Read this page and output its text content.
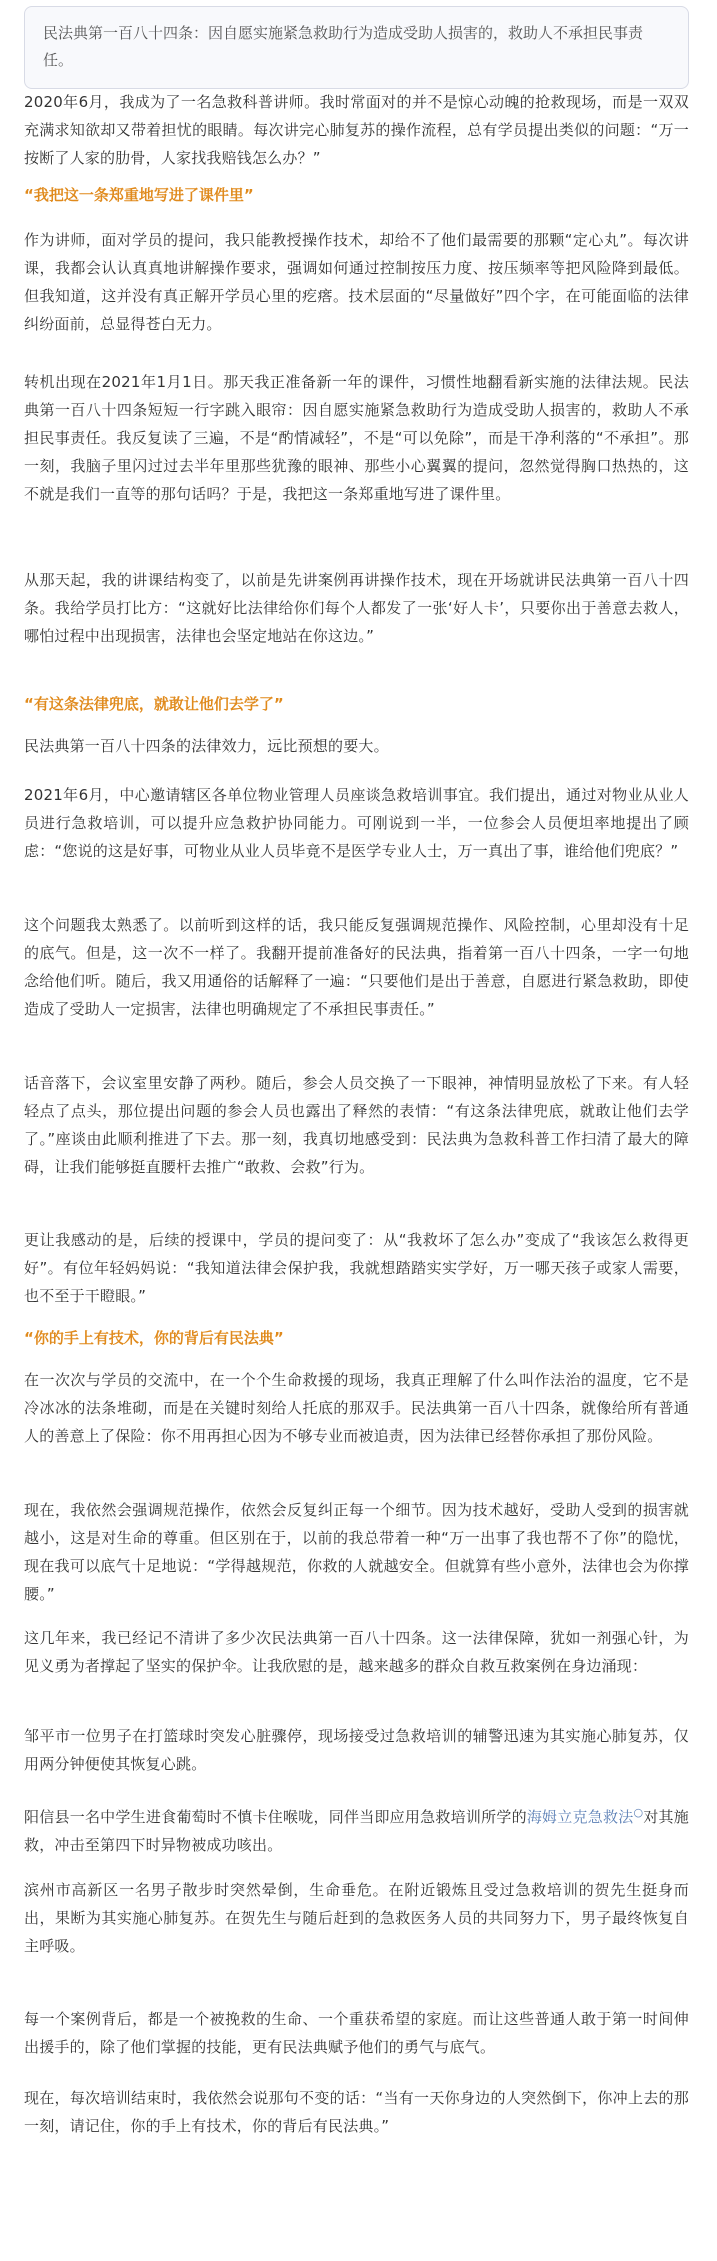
民法典第一百八十四条：因自愿实施紧急救助行为造成受助人损害的，救助人不承担民事责任。

2020年6月，我成为了一名急救科普讲师。我时常面对的并不是惊心动魄的抢救现场，而是一双双充满求知欲却又带着担忧的眼睛。每次讲完心肺复苏的操作流程，总有学员提出类似的问题：“万一按断了人家的肋骨，人家找我赔钱怎么办？”

“我把这一条郑重地写进了课件里”

作为讲师，面对学员的提问，我只能教授操作技术，却给不了他们最需要的那颗“定心丸”。每次讲课，我都会认认真真地讲解操作要求，强调如何通过控制按压力度、按压频率等把风险降到最低。但我知道，这并没有真正解开学员心里的疙瘩。技术层面的“尽量做好”四个字，在可能面临的法律纠纷面前，总显得苍白无力。

转机出现在2021年1月1日。那天我正准备新一年的课件，习惯性地翻看新实施的法律法规。民法典第一百八十四条短短一行字跳入眼帘：因自愿实施紧急救助行为造成受助人损害的，救助人不承担民事责任。我反复读了三遍，不是“酌情减轻”，不是“可以免除”，而是干净利落的“不承担”。那一刻，我脑子里闪过过去半年里那些犹豫的眼神、那些小心翼翼的提问，忽然觉得胸口热热的，这不就是我们一直等的那句话吗？于是，我把这一条郑重地写进了课件里。

从那天起，我的讲课结构变了，以前是先讲案例再讲操作技术，现在开场就讲民法典第一百八十四条。我给学员打比方：“这就好比法律给你们每个人都发了一张‘好人卡’，只要你出于善意去救人，哪怕过程中出现损害，法律也会坚定地站在你这边。”

“有这条法律兜底，就敢让他们去学了”

民法典第一百八十四条的法律效力，远比预想的要大。

2021年6月，中心邀请辖区各单位物业管理人员座谈急救培训事宜。我们提出，通过对物业从业人员进行急救培训，可以提升应急救护协同能力。可刚说到一半，一位参会人员便坦率地提出了顾虑：“您说的这是好事，可物业从业人员毕竟不是医学专业人士，万一真出了事，谁给他们兜底？”

这个问题我太熟悉了。以前听到这样的话，我只能反复强调规范操作、风险控制，心里却没有十足的底气。但是，这一次不一样了。我翻开提前准备好的民法典，指着第一百八十四条，一字一句地念给他们听。随后，我又用通俗的话解释了一遍：“只要他们是出于善意，自愿进行紧急救助，即使造成了受助人一定损害，法律也明确规定了不承担民事责任。”

话音落下，会议室里安静了两秒。随后，参会人员交换了一下眼神，神情明显放松了下来。有人轻轻点了点头，那位提出问题的参会人员也露出了释然的表情：“有这条法律兜底，就敢让他们去学了。”座谈由此顺利推进了下去。那一刻，我真切地感受到：民法典为急救科普工作扫清了最大的障碍，让我们能够挺直腰杆去推广“敢救、会救”行为。

更让我感动的是，后续的授课中，学员的提问变了：从“我救坏了怎么办”变成了“我该怎么救得更好”。有位年轻妈妈说：“我知道法律会保护我，我就想踏踏实实学好，万一哪天孩子或家人需要，也不至于干瞪眼。”

“你的手上有技术，你的背后有民法典”

在一次次与学员的交流中，在一个个生命救援的现场，我真正理解了什么叫作法治的温度，它不是冷冰冰的法条堆砌，而是在关键时刻给人托底的那双手。民法典第一百八十四条，就像给所有普通人的善意上了保险：你不用再担心因为不够专业而被追责，因为法律已经替你承担了那份风险。

现在，我依然会强调规范操作，依然会反复纠正每一个细节。因为技术越好，受助人受到的损害就越小，这是对生命的尊重。但区别在于，以前的我总带着一种“万一出事了我也帮不了你”的隐忧，现在我可以底气十足地说：“学得越规范，你救的人就越安全。但就算有些小意外，法律也会为你撑腰。”

这几年来，我已经记不清讲了多少次民法典第一百八十四条。这一法律保障，犹如一剂强心针，为见义勇为者撑起了坚实的保护伞。让我欣慰的是，越来越多的群众自救互救案例在身边涌现：

邹平市一位男子在打篮球时突发心脏骤停，现场接受过急救培训的辅警迅速为其实施心肺复苏，仅用两分钟便使其恢复心跳。

阳信县一名中学生进食葡萄时不慎卡住喉咙，同伴当即应用急救培训所学的海姆立克急救法○对其施救，冲击至第四下时异物被成功咳出。

滨州市高新区一名男子散步时突然晕倒，生命垂危。在附近锻炼且受过急救培训的贺先生挺身而出，果断为其实施心肺复苏。在贺先生与随后赶到的急救医务人员的共同努力下，男子最终恢复自主呼吸。

每一个案例背后，都是一个被挽救的生命、一个重获希望的家庭。而让这些普通人敢于第一时间伸出援手的，除了他们掌握的技能，更有民法典赋予他们的勇气与底气。

现在，每次培训结束时，我依然会说那句不变的话：“当有一天你身边的人突然倒下，你冲上去的那一刻，请记住，你的手上有技术，你的背后有民法典。”
